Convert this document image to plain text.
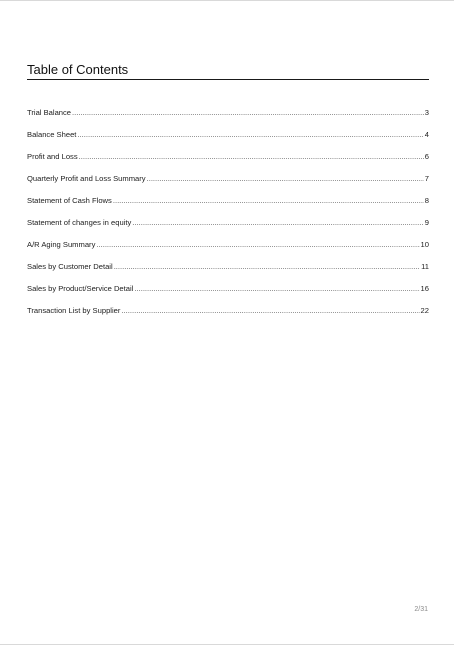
Table of Contents
Trial Balance .....	3
Balance Sheet .....	4
Profit and Loss .....	6
Quarterly Profit and Loss Summary .....	7
Statement of Cash Flows .....	8
Statement of changes in equity .....	9
A/R Aging Summary .....	10
Sales by Customer Detail .....	11
Sales by Product/Service Detail .....	16
Transaction List by Supplier .....	22
2/31
